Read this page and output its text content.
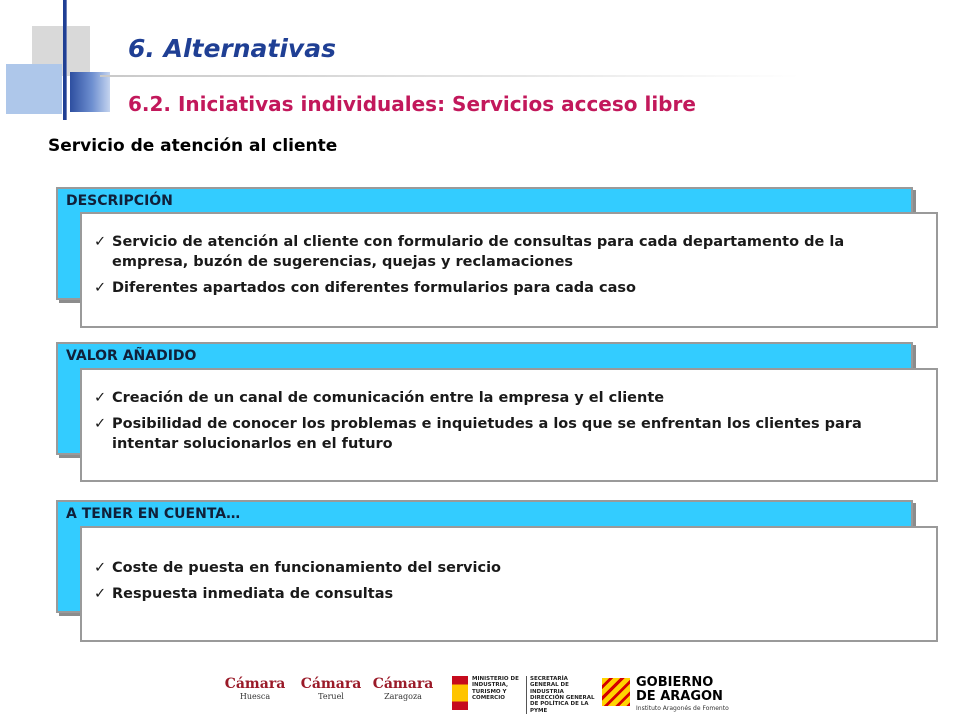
6. Alternativas
6.2. Iniciativas individuales: Servicios acceso libre
Servicio de atención al cliente
DESCRIPCIÓN
✓ Servicio de atención al cliente con formulario de consultas para cada departamento de la empresa, buzón de sugerencias, quejas y reclamaciones
✓ Diferentes apartados con diferentes formularios para cada caso
VALOR AÑADIDO
✓ Creación de un canal de comunicación entre la empresa y el cliente
✓ Posibilidad de conocer los problemas e inquietudes a los que se enfrentan los clientes para intentar solucionarlos en el futuro
A TENER EN CUENTA…
✓ Coste de puesta en funcionamiento del servicio
✓ Respuesta inmediata de consultas
Cámara
Huesca
Cámara
Teruel
Cámara
Zaragoza
MINISTERIO DE INDUSTRIA, TURISMO Y COMERCIO
SECRETARÍA GENERAL DE INDUSTRIA DIRECCIÓN GENERAL DE POLÍTICA DE LA PYME
GOBIERNO
DE ARAGON
Instituto Aragonés de Fomento
